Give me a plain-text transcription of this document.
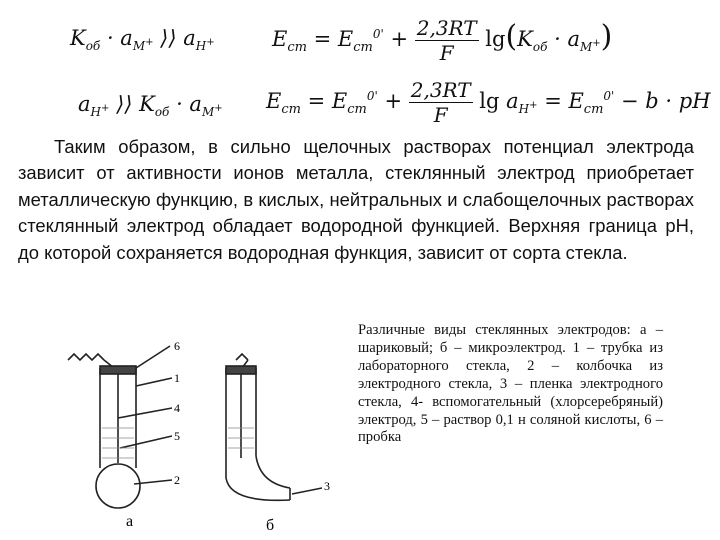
$K_{об} \cdot a_{M^+}$ ⟩⟩ $a_{H^+}$	$E_{ст} = E_{ст}^{0'} + \frac{2,3RT}{F} \lg(K_{об} \cdot a_{M^+})$
$a_{H^+}$ ⟩⟩ $K_{об} \cdot a_{M^+}$ $E_{ст} = E_{ст}^{0'} + \frac{2,3RT}{F}$ $\lg a_{H^+} = E_{ст}^{0'} - b$ · pH
Таким образом, в сильно щелочных растворах потенциал электрода зависит от активности ионов металла, стеклянный электрод приобретает металлическую функцию, в кислых, нейтральных и слабощелочных растворах стеклянный электрод обладает водородной функцией. Верхняя граница рН, до которой сохраняется водородная функция, зависит от сорта стекла.
6
1
4
5
2
а
3
б
Различные виды стеклянных электродов: а – шариковый; б – микроэлектрод. 1 – трубка из лабораторного стекла, 2 – колбочка из электродного стекла, 3 – пленка электродного стекла, 4- вспомогательный (хлорсеребряный) электрод, 5 – раствор 0,1 н соляной кислоты, 6 – пробка
